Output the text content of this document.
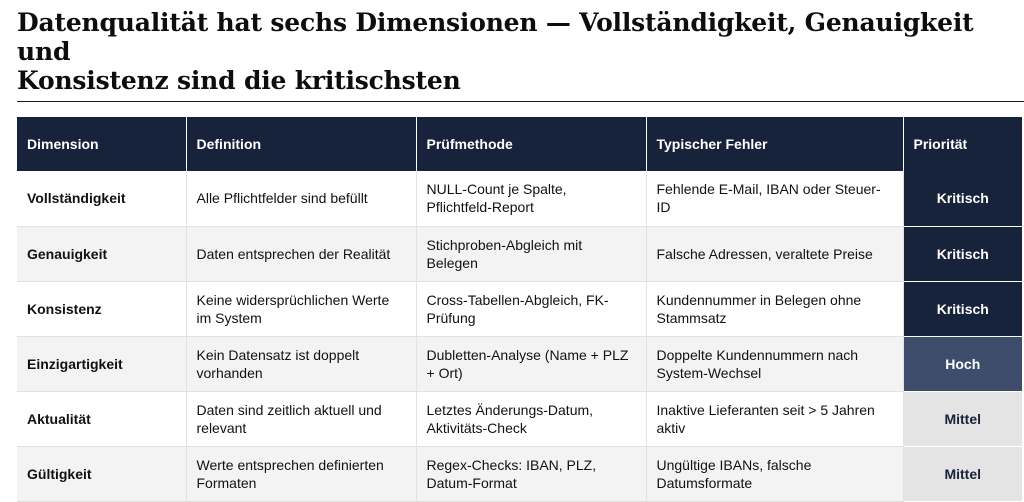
Datenqualität hat sechs Dimensionen — Vollständigkeit, Genauigkeit und
Konsistenz sind die kritischsten
Dimension	Definition	Prüfmethode	Typischer Fehler	Priorität
Vollständigkeit	Alle Pflichtfelder sind befüllt	NULL-Count je Spalte, Pflichtfeld-Report	Fehlende E-Mail, IBAN oder Steuer-ID	Kritisch
Genauigkeit	Daten entsprechen der Realität	Stichproben-Abgleich mit Belegen	Falsche Adressen, veraltete Preise	Kritisch
Konsistenz	Keine widersprüchlichen Werte im System	Cross-Tabellen-Abgleich, FK-Prüfung	Kundennummer in Belegen ohne Stammsatz	Kritisch
Einzigartigkeit	Kein Datensatz ist doppelt vorhanden	Dubletten-Analyse (Name + PLZ + Ort)	Doppelte Kundennummern nach System-Wechsel	Hoch
Aktualität	Daten sind zeitlich aktuell und relevant	Letztes Änderungs-Datum, Aktivitäts-Check	Inaktive Lieferanten seit > 5 Jahren aktiv	Mittel
Gültigkeit	Werte entsprechen definierten Formaten	Regex-Checks: IBAN, PLZ, Datum-Format	Ungültige IBANs, falsche Datumsformate	Mittel
